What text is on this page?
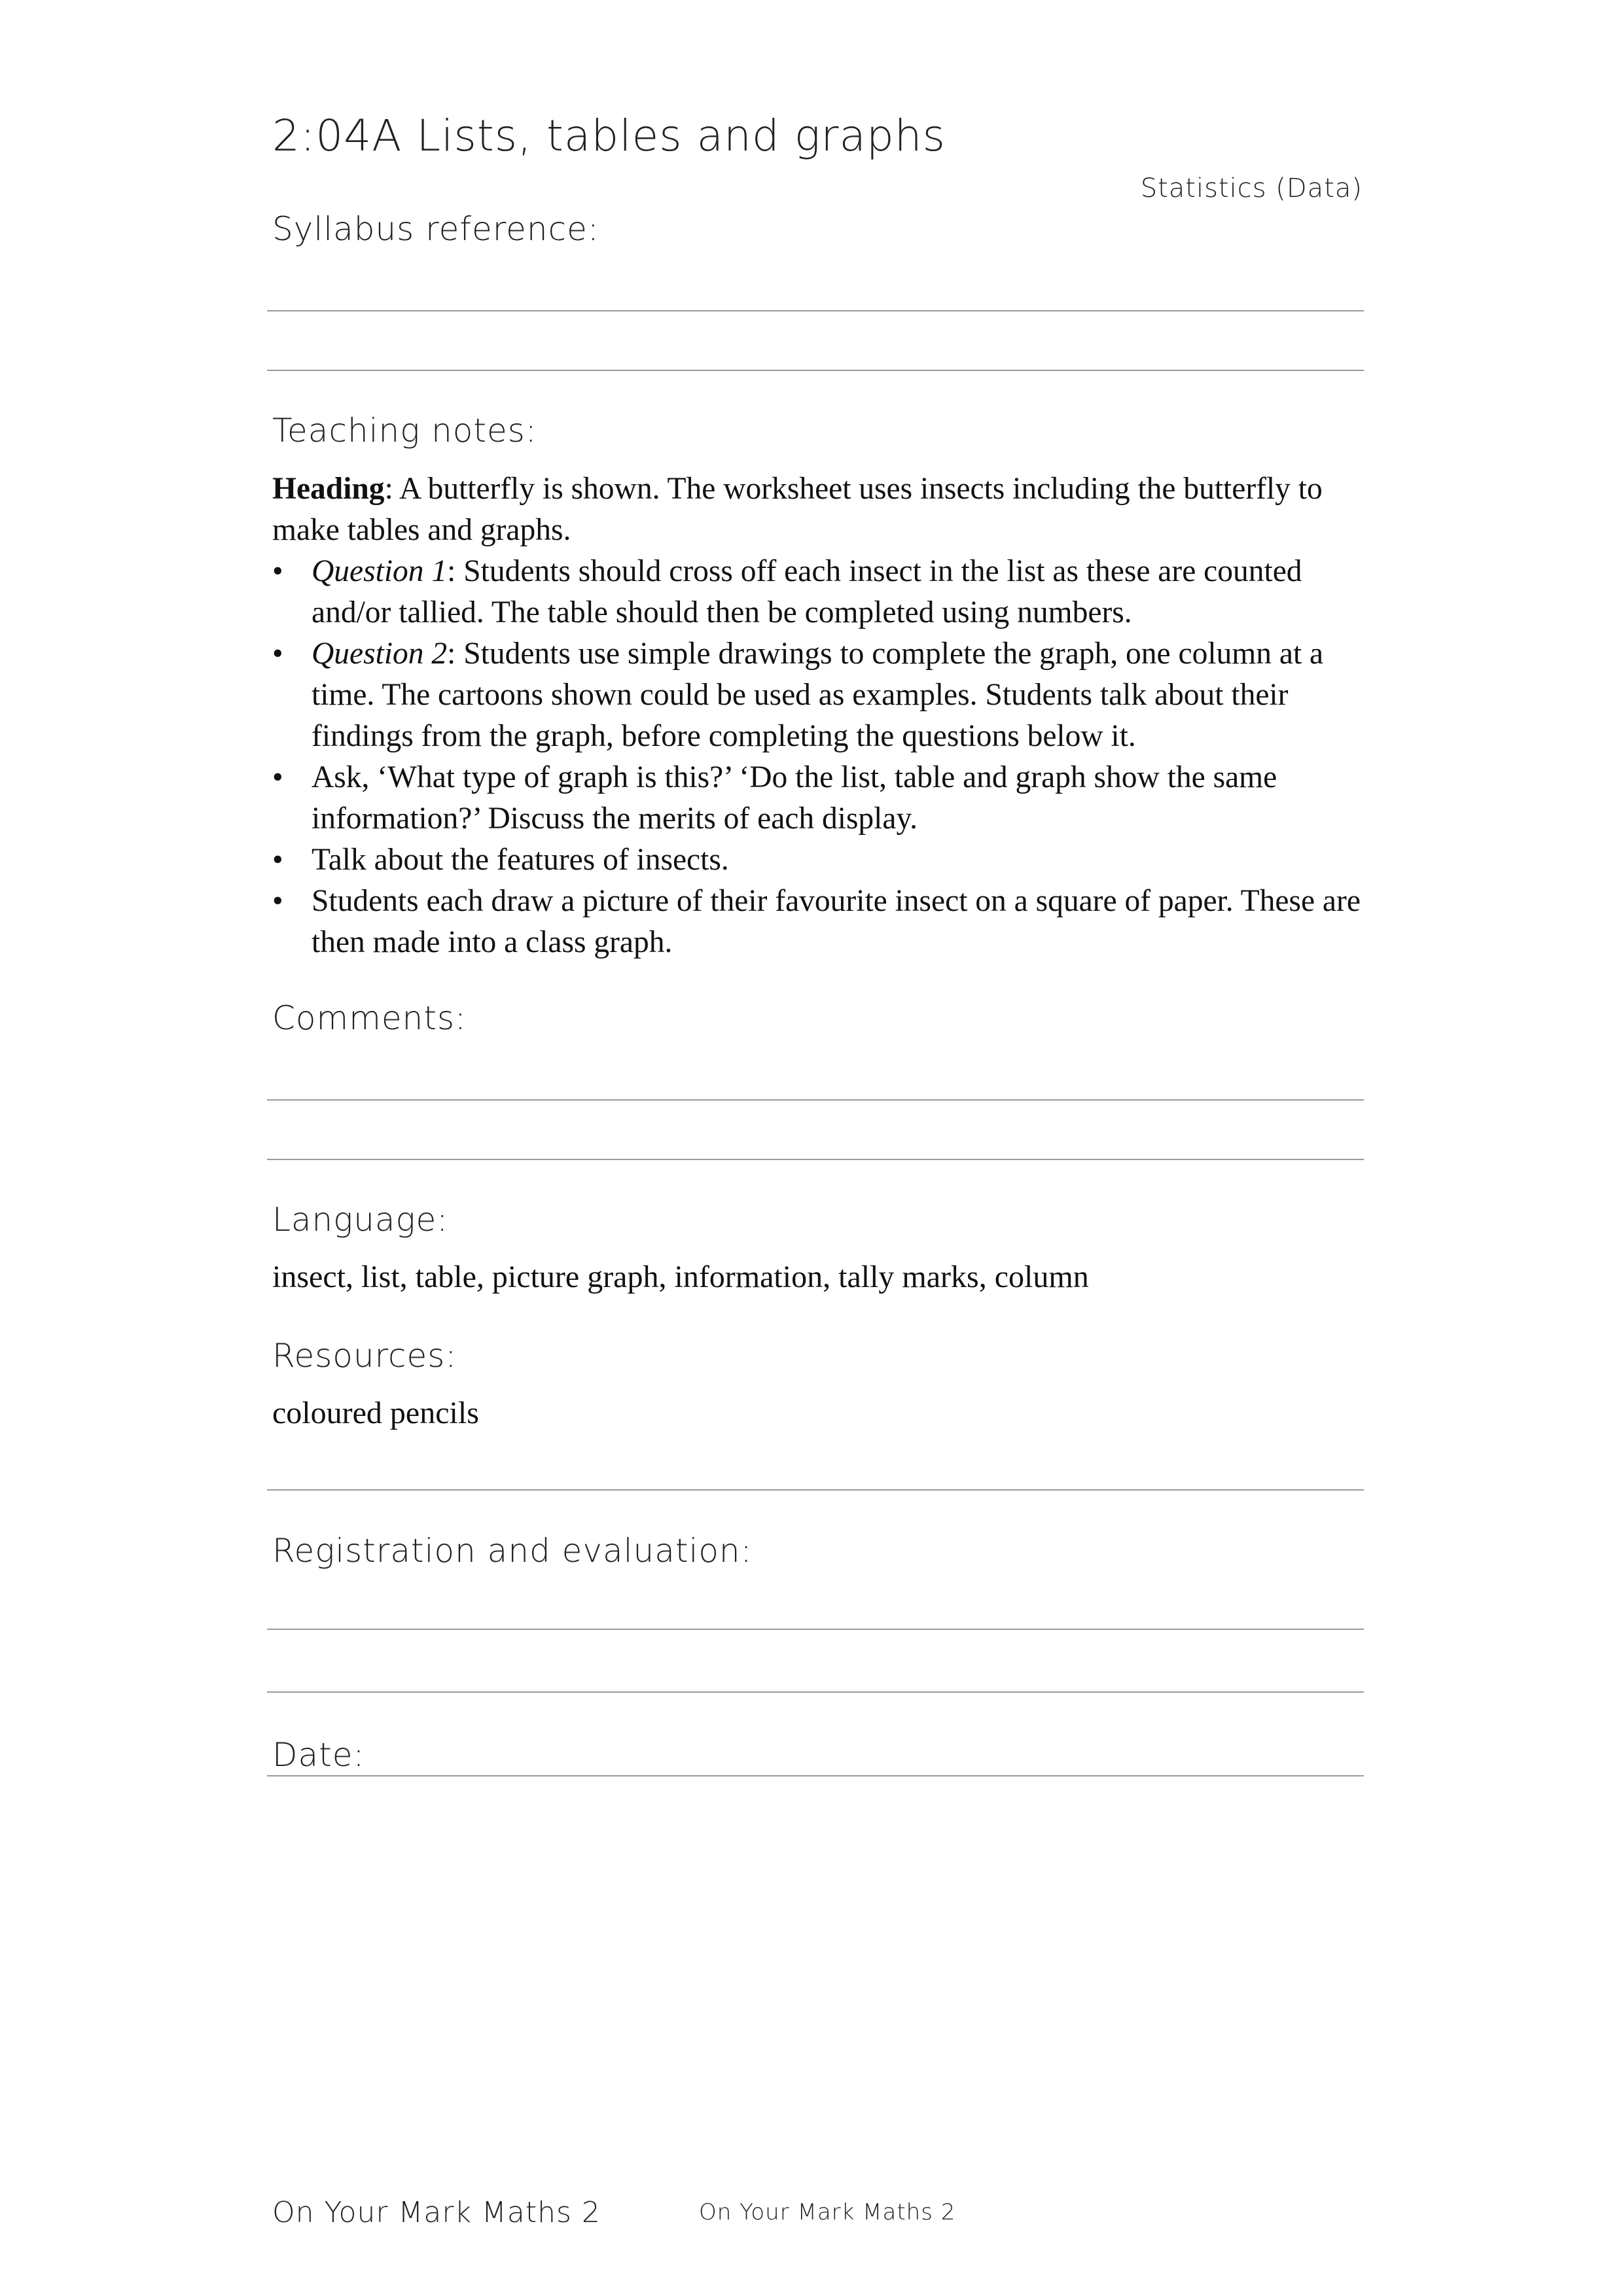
2:04A Lists, tables and graphs
Statistics (Data)
Syllabus reference:
Teaching notes:

Heading: A butterfly is shown. The worksheet uses insects including the butterfly to make tables and graphs.

• Question 1: Students should cross off each insect in the list as these are counted and/or tallied. The table should then be completed using numbers.
• Question 2: Students use simple drawings to complete the graph, one column at a time. The cartoons shown could be used as examples. Students talk about their findings from the graph, before completing the questions below it.
• Ask, ‘What type of graph is this?’ ‘Do the list, table and graph show the same information?’ Discuss the merits of each display.
• Talk about the features of insects.
• Students each draw a picture of their favourite insect on a square of paper. These are then made into a class graph.
Comments:
Language:
insect, list, table, picture graph, information, tally marks, column
Resources:
coloured pencils
Registration and evaluation:
Date:
On Your Mark Maths 2	On Your Mark Maths 2
